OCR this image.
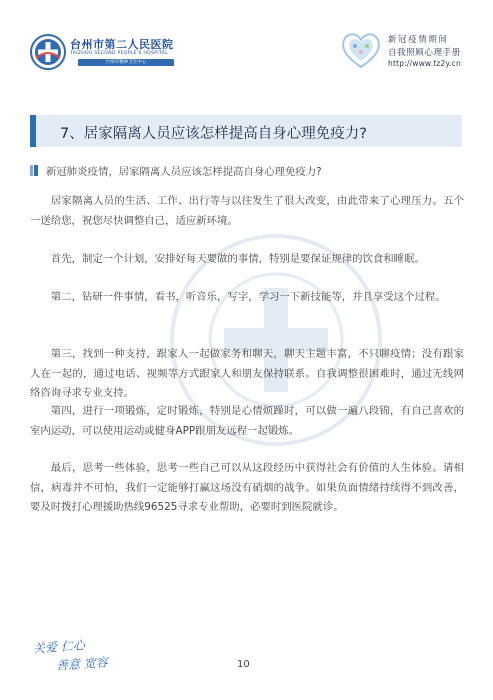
台州市第二人民医院
TAIZHOU SECOND PEOPLE'S HOSPITAL
台州市精神卫生中心
新冠疫情期间
自我照顾心理手册
http://www.tz2y.cn
7、居家隔离人员应该怎样提高自身心理免疫力?
新冠肺炎疫情，居家隔离人员应该怎样提高自身心理免疫力?

居家隔离人员的生活、工作、出行等与以往发生了很大改变，由此带来了心理压力。五个一送给您，祝您尽快调整自己，适应新环境。

首先，制定一个计划，安排好每天要做的事情，特别是要保证规律的饮食和睡眠。

第二，钻研一件事情，看书，听音乐，写字，学习一下新技能等，并且享受这个过程。

第三，找到一种支持，跟家人一起做家务和聊天，聊天主题丰富，不只聊疫情；没有跟家人在一起的，通过电话、视频等方式跟家人和朋友保持联系。自我调整很困难时，通过无线网络咨询寻求专业支持。

第四，进行一项锻炼，定时锻炼，特别是心情烦躁时，可以做一遍八段锦，有自己喜欢的室内运动，可以使用运动或健身APP跟朋友远程一起锻炼。

最后，思考一些体验，思考一些自己可以从这段经历中获得社会有价值的人生体验。请相信，病毒并不可怕，我们一定能够打赢这场没有硝烟的战争。如果负面情绪持续得不到改善，要及时拨打心理援助热线96525寻求专业帮助，必要时到医院就诊。

关爱 仁心
善意 宽容	10
